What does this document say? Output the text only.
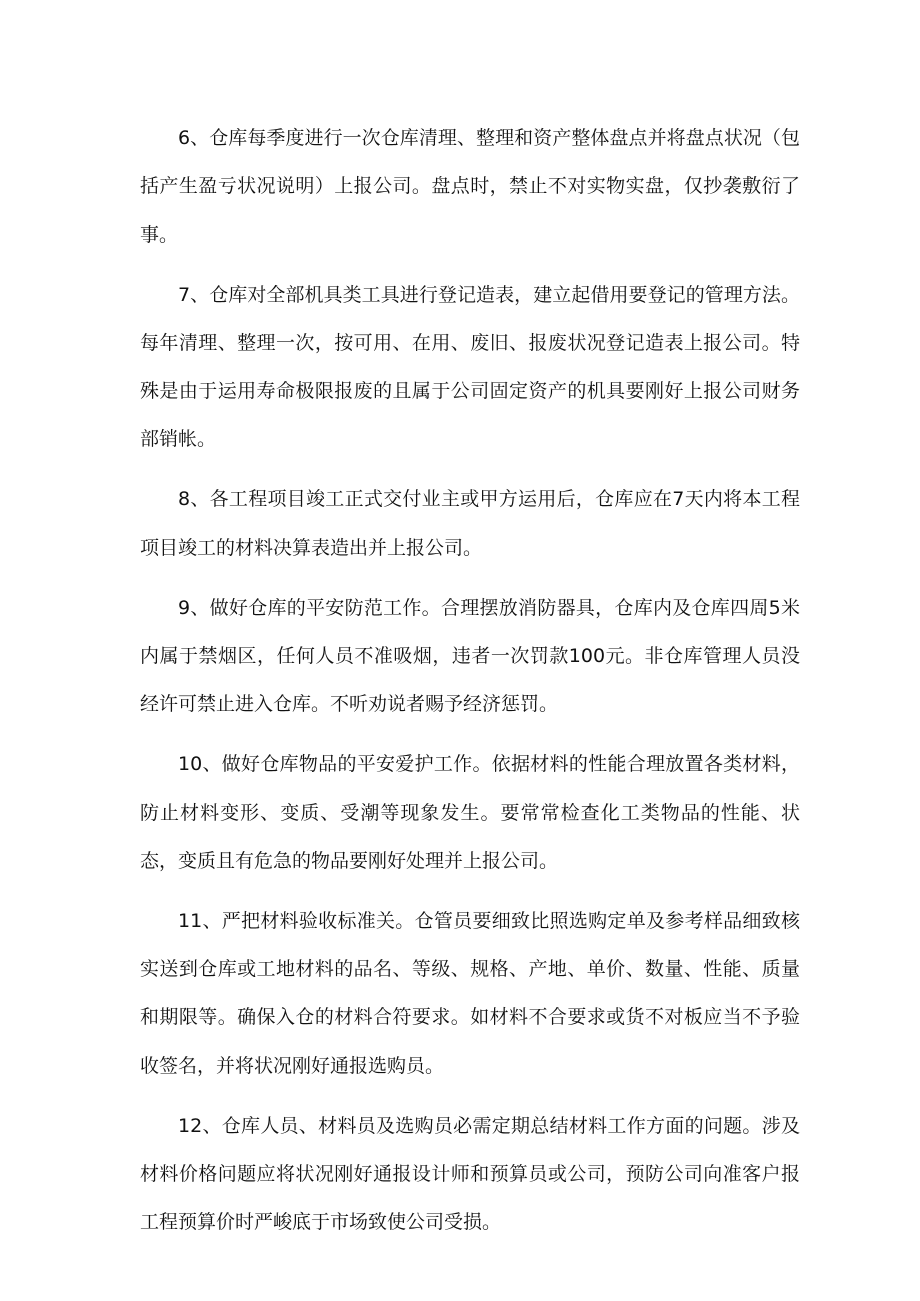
6、仓库每季度进行一次仓库清理、整理和资产整体盘点并将盘点状况（包括产生盈亏状况说明）上报公司。盘点时，禁止不对实物实盘，仅抄袭敷衍了事。

7、仓库对全部机具类工具进行登记造表，建立起借用要登记的管理方法。每年清理、整理一次，按可用、在用、废旧、报废状况登记造表上报公司。特殊是由于运用寿命极限报废的且属于公司固定资产的机具要刚好上报公司财务部销帐。

8、各工程项目竣工正式交付业主或甲方运用后，仓库应在7天内将本工程项目竣工的材料决算表造出并上报公司。

9、做好仓库的平安防范工作。合理摆放消防器具，仓库内及仓库四周5米内属于禁烟区，任何人员不准吸烟，违者一次罚款100元。非仓库管理人员没经许可禁止进入仓库。不听劝说者赐予经济惩罚。

10、做好仓库物品的平安爱护工作。依据材料的性能合理放置各类材料，防止材料变形、变质、受潮等现象发生。要常常检查化工类物品的性能、状态，变质且有危急的物品要刚好处理并上报公司。

11、严把材料验收标准关。仓管员要细致比照选购定单及参考样品细致核实送到仓库或工地材料的品名、等级、规格、产地、单价、数量、性能、质量和期限等。确保入仓的材料合符要求。如材料不合要求或货不对板应当不予验收签名，并将状况刚好通报选购员。

12、仓库人员、材料员及选购员必需定期总结材料工作方面的问题。涉及材料价格问题应将状况刚好通报设计师和预算员或公司，预防公司向准客户报工程预算价时严峻底于市场致使公司受损。
